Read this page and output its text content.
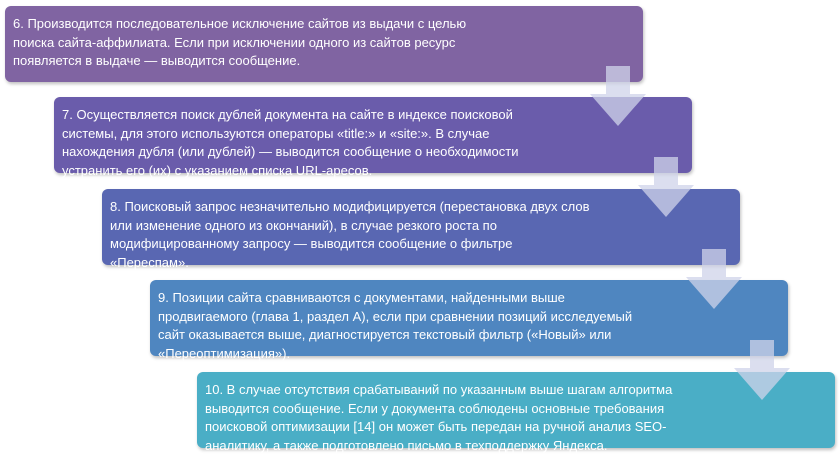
6. Производится последовательное исключение сайтов из выдачи с целью поиска сайта-аффилиата. Если при исключении одного из сайтов ресурс появляется в выдаче — выводится сообщение.
7. Осуществляется поиск дублей документа на сайте в индексе поисковой системы, для этого используются операторы «title:» и «site:». В случае нахождения дубля (или дублей) — выводится сообщение о необходимости устранить его (их) с указанием списка URL-аресов.
8. Поисковый запрос незначительно модифицируется (перестановка двух слов или изменение одного из окончаний), в случае резкого роста по модифицированному запросу — выводится сообщение о фильтре «Переспам».
9. Позиции сайта сравниваются с документами, найденными выше продвигаемого (глава 1, раздел А), если при сравнении позиций исследуемый сайт оказывается выше, диагностируется текстовый фильтр («Новый» или «Переоптимизация»).
10. В случае отсутствия срабатываний по указанным выше шагам алгоритма выводится сообщение. Если у документа соблюдены основные требования поисковой оптимизации [14] он может быть передан на ручной анализ SEO-аналитику, а также подготовлено письмо в техподдержку Яндекса.
